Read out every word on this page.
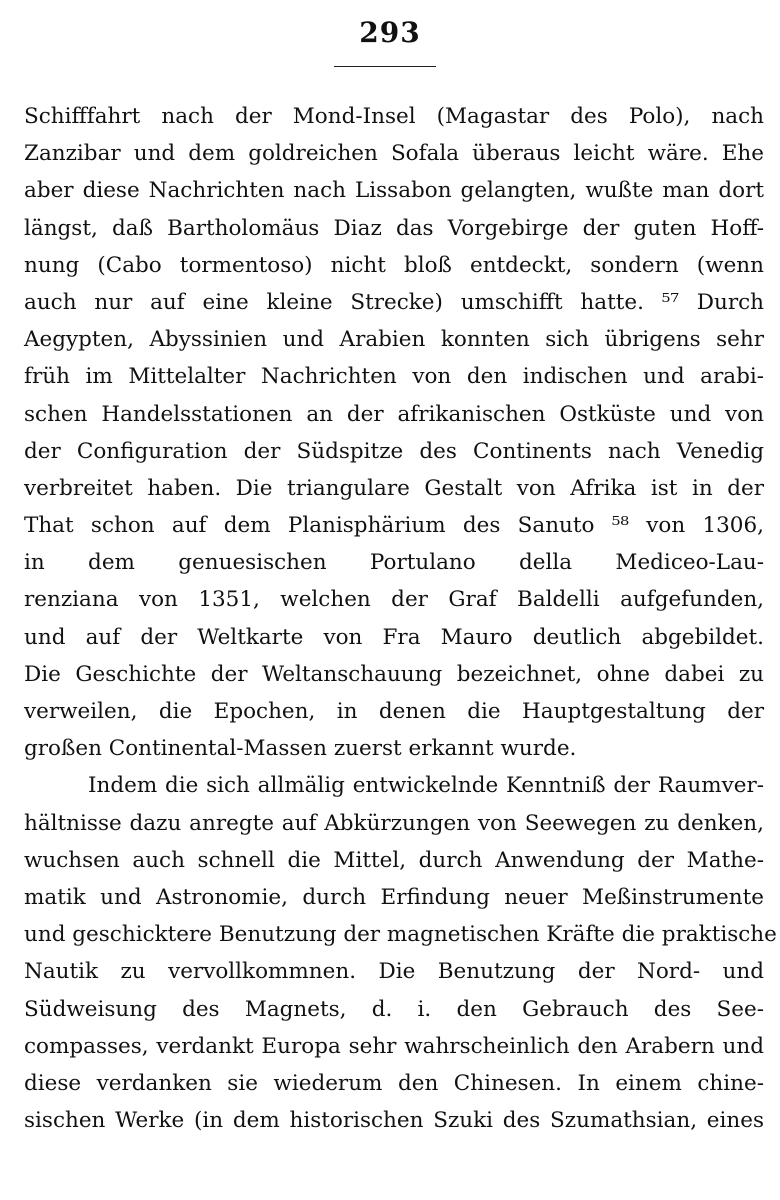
293
Schifffahrt nach der Mond-Insel (Magastar des Polo), nach
Zanzibar und dem goldreichen Sofala überaus leicht wäre. Ehe
aber diese Nachrichten nach Lissabon gelangten, wußte man dort
längst, daß Bartholomäus Diaz das Vorgebirge der guten Hoff-
nung (Cabo tormentoso) nicht bloß entdeckt, sondern (wenn
auch nur auf eine kleine Strecke) umschifft hatte. ⁵⁷ Durch
Aegypten, Abyssinien und Arabien konnten sich übrigens sehr
früh im Mittelalter Nachrichten von den indischen und arabi-
schen Handelsstationen an der afrikanischen Ostküste und von
der Configuration der Südspitze des Continents nach Venedig
verbreitet haben. Die triangulare Gestalt von Afrika ist in der
That schon auf dem Planisphärium des Sanuto ⁵⁸ von 1306,
in dem genuesischen Portulano della Mediceo-Lau-
renziana von 1351, welchen der Graf Baldelli aufgefunden,
und auf der Weltkarte von Fra Mauro deutlich abgebildet.
Die Geschichte der Weltanschauung bezeichnet, ohne dabei zu
verweilen, die Epochen, in denen die Hauptgestaltung der
großen Continental-Massen zuerst erkannt wurde.
Indem die sich allmälig entwickelnde Kenntniß der Raumver-
hältnisse dazu anregte auf Abkürzungen von Seewegen zu denken,
wuchsen auch schnell die Mittel, durch Anwendung der Mathe-
matik und Astronomie, durch Erfindung neuer Meßinstrumente
und geschicktere Benutzung der magnetischen Kräfte die praktische
Nautik zu vervollkommnen. Die Benutzung der Nord- und
Südweisung des Magnets, d. i. den Gebrauch des See-
compasses, verdankt Europa sehr wahrscheinlich den Arabern und
diese verdanken sie wiederum den Chinesen. In einem chine-
sischen Werke (in dem historischen Szuki des Szumathsian, eines
